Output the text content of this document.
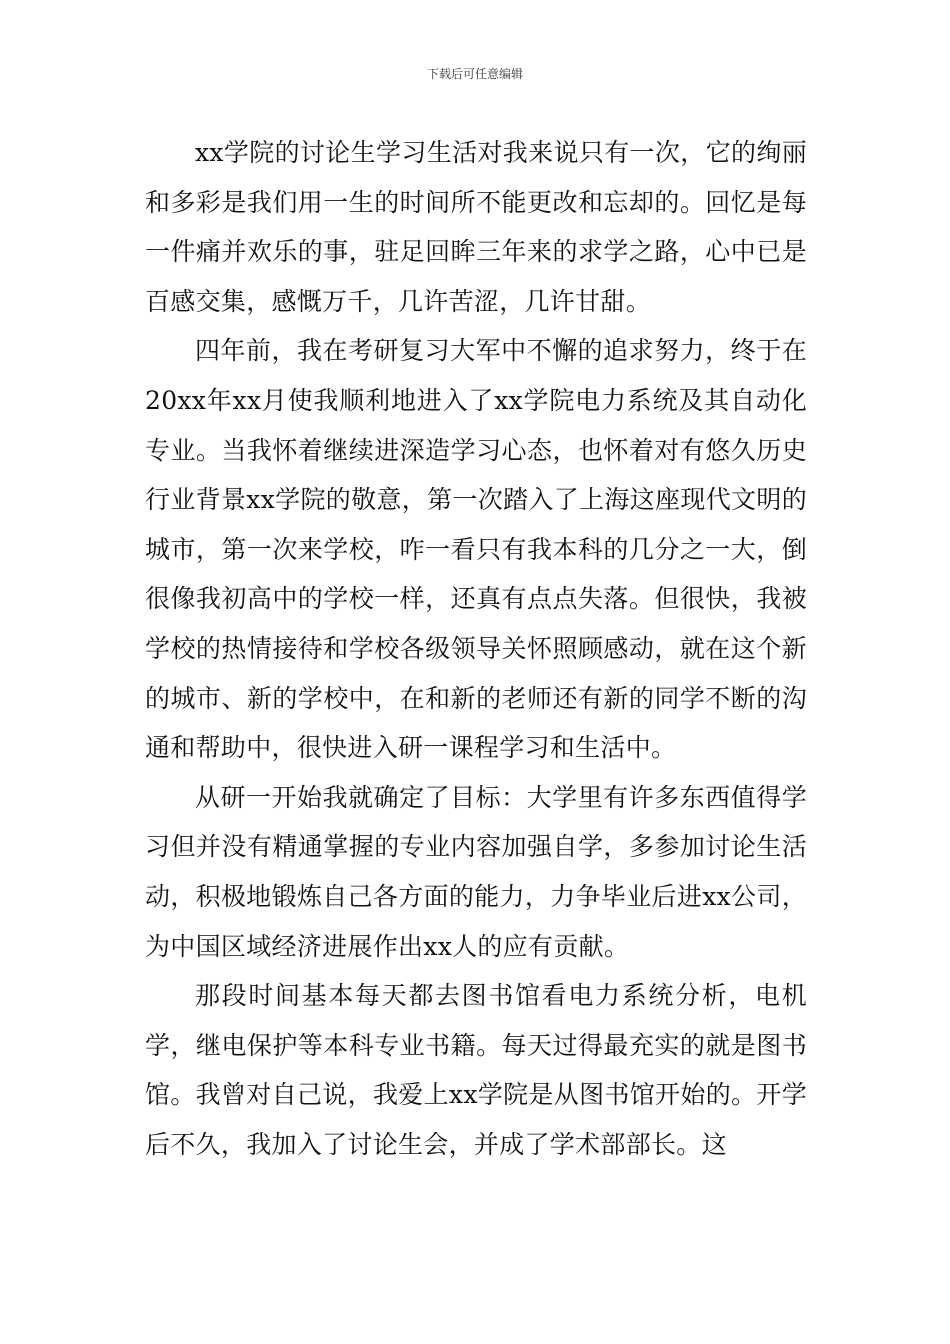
下载后可任意编辑

xx学院的讨论生学习生活对我来说只有一次，它的绚丽和多彩是我们用一生的时间所不能更改和忘却的。回忆是每一件痛并欢乐的事，驻足回眸三年来的求学之路，心中已是百感交集，感慨万千，几许苦涩，几许甘甜。

四年前，我在考研复习大军中不懈的追求努力，终于在20xx年xx月使我顺利地进入了xx学院电力系统及其自动化专业。当我怀着继续进深造学习心态，也怀着对有悠久历史行业背景xx学院的敬意，第一次踏入了上海这座现代文明的城市，第一次来学校，咋一看只有我本科的几分之一大，倒很像我初高中的学校一样，还真有点点失落。但很快，我被学校的热情接待和学校各级领导关怀照顾感动，就在这个新的城市、新的学校中，在和新的老师还有新的同学不断的沟通和帮助中，很快进入研一课程学习和生活中。

从研一开始我就确定了目标：大学里有许多东西值得学习但并没有精通掌握的专业内容加强自学，多参加讨论生活动，积极地锻炼自己各方面的能力，力争毕业后进xx公司，为中国区域经济进展作出xx人的应有贡献。

那段时间基本每天都去图书馆看电力系统分析，电机学，继电保护等本科专业书籍。每天过得最充实的就是图书馆。我曾对自己说，我爱上xx学院是从图书馆开始的。开学后不久，我加入了讨论生会，并成了学术部部长。这
